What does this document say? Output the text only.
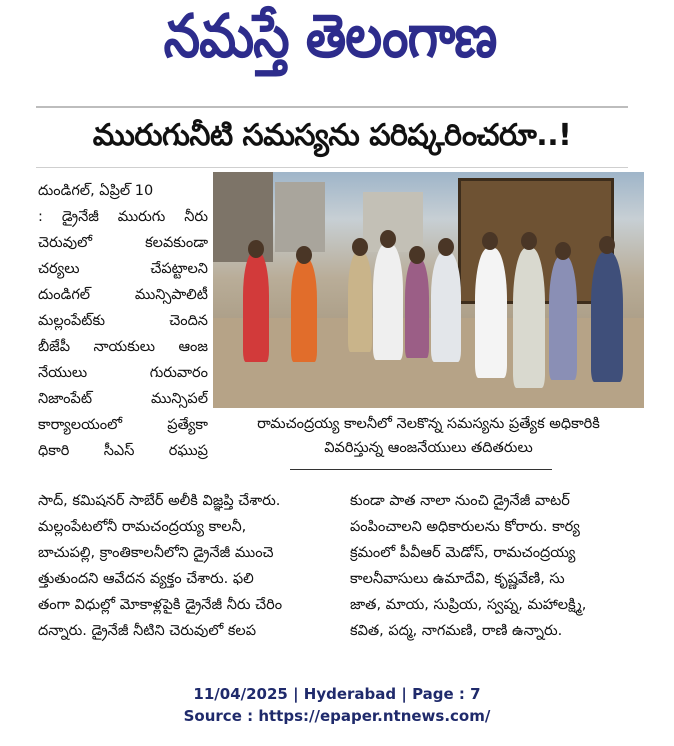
నమస్తే తెలంగాణ
మురుగునీటి సమస్యను పరిష్కరించరూ..!
దుండిగల్, ఏప్రిల్ 10
: డ్రైనేజీ మురుగు నీరు
చెరువులో కలవకుండా
చర్యలు చేపట్టాలని
దుండిగల్ మున్సిపాలిటీ
మల్లంపేట్‌కు చెందిన
బీజేపీ నాయకులు ఆంజ
నేయులు గురువారం
నిజాంపేట్ మున్సిపల్
కార్యాలయంలో ప్రత్యేకా
ధికారి సీఎస్ రఘుప్ర
రామచంద్రయ్య కాలనీలో నెలకొన్న సమస్యను ప్రత్యేక అధికారికి
వివరిస్తున్న ఆంజనేయులు తదితరులు
సాద్, కమిషనర్ సాబేర్ అలీకి విజ్ఞప్తి చేశారు.
మల్లంపేటలోనీ రామచంద్రయ్య కాలనీ,
బాచుపల్లి, క్రాంతికాలనీలోని డ్రైనేజీ ముంచె
త్తుతుందని ఆవేదన వ్యక్తం చేశారు. ఫలి
తంగా విధుల్లో మోకాళ్లపైకి డ్రైనేజీ నీరు చేరిం
దన్నారు. డ్రైనేజీ నీటిని చెరువులో కలప
కుండా పాత నాలా నుంచి డ్రైనేజీ వాటర్
పంపించాలని అధికారులను కోరారు. కార్య
క్రమంలో పీవీఆర్ మెడోస్, రామచంద్రయ్య
కాలనీవాసులు ఉమాదేవి, కృష్ణవేణి, సు
జాత, మాయ, సుప్రియ, స్వప్న, మహాలక్ష్మి,
కవిత, పద్మ, నాగమణి, రాణి ఉన్నారు.
11/04/2025 | Hyderabad | Page : 7
Source : https://epaper.ntnews.com/
